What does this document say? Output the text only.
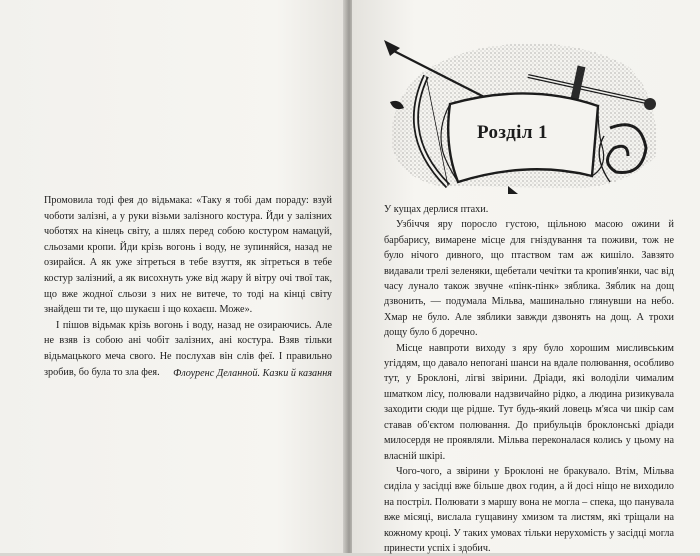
Промовила тоді фея до відьмака: «Таку я тобі дам пораду: взуй чоботи залізні, а у руки візьми залізного костура. Йди у залізних чоботях на кінець світу, а шлях перед собою костуром намацуй, сльозами кропи. Йди крізь вогонь і воду, не зупиняйся, назад не озирайся. А як уже зітреться в тебе взуття, як зітреться в тебе костур залізний, а як висохнуть уже від жару й вітру очі твої так, що вже жодної сльози з них не витече, то тоді на кінці світу знайдеш ти те, що шукаєш і що кохаєш. Може».

І пішов відьмак крізь вогонь і воду, назад не озираючись. Але не взяв із собою ані чобіт залізних, ані костура. Взяв тільки відьмацького меча свого. Не послухав він слів феї. І правильно зробив, бо була то зла фея.	Флоуренс Деланной. Казки й казання
Розділ 1

У кущах дерлися птахи.

Узбіччя яру поросло густою, щільною масою ожини й барбарису, вимарене місце для гніздування та поживи, тож не було нічого дивного, що птаством там аж кишіло. Завзято видавали трелі зеленяки, щебетали чечітки та кропив'янки, час від часу лунало також звучне «пінк-пінк» зяблика. Зяблик на дощ дзвонить, — подумала Мільва, машинально глянувши на небо. Хмар не було. Але зяблики завжди дзвонять на дощ. А трохи дощу було б доречно.

Місце навпроти виходу з яру було хорошим мисливським угіддям, що давало непогані шанси на вдале полювання, особливо тут, у Броклоні, лігві звірини. Дріади, які володіли чималим шматком лісу, полювали надзвичайно рідко, а людина ризикувала заходити сюди ще рідше. Тут будь-який ловець м'яса чи шкір сам ставав об'єктом полювання. До прибульців броклонські дріади милосердя не проявляли. Мільва переконалася колись у цьому на власній шкірі.

Чого-чого, а звірини у Броклоні не бракувало. Втім, Мільва сиділа у засідці вже більше двох годин, а й досі ніщо не виходило на постріл. Полювати з маршу вона не могла – спека, що панувала вже місяці, вислала гущавину хмизом та листям, які тріщали на кожному кроці. У таких умовах тільки нерухомість у засідці могла принести успіх і здобич.
